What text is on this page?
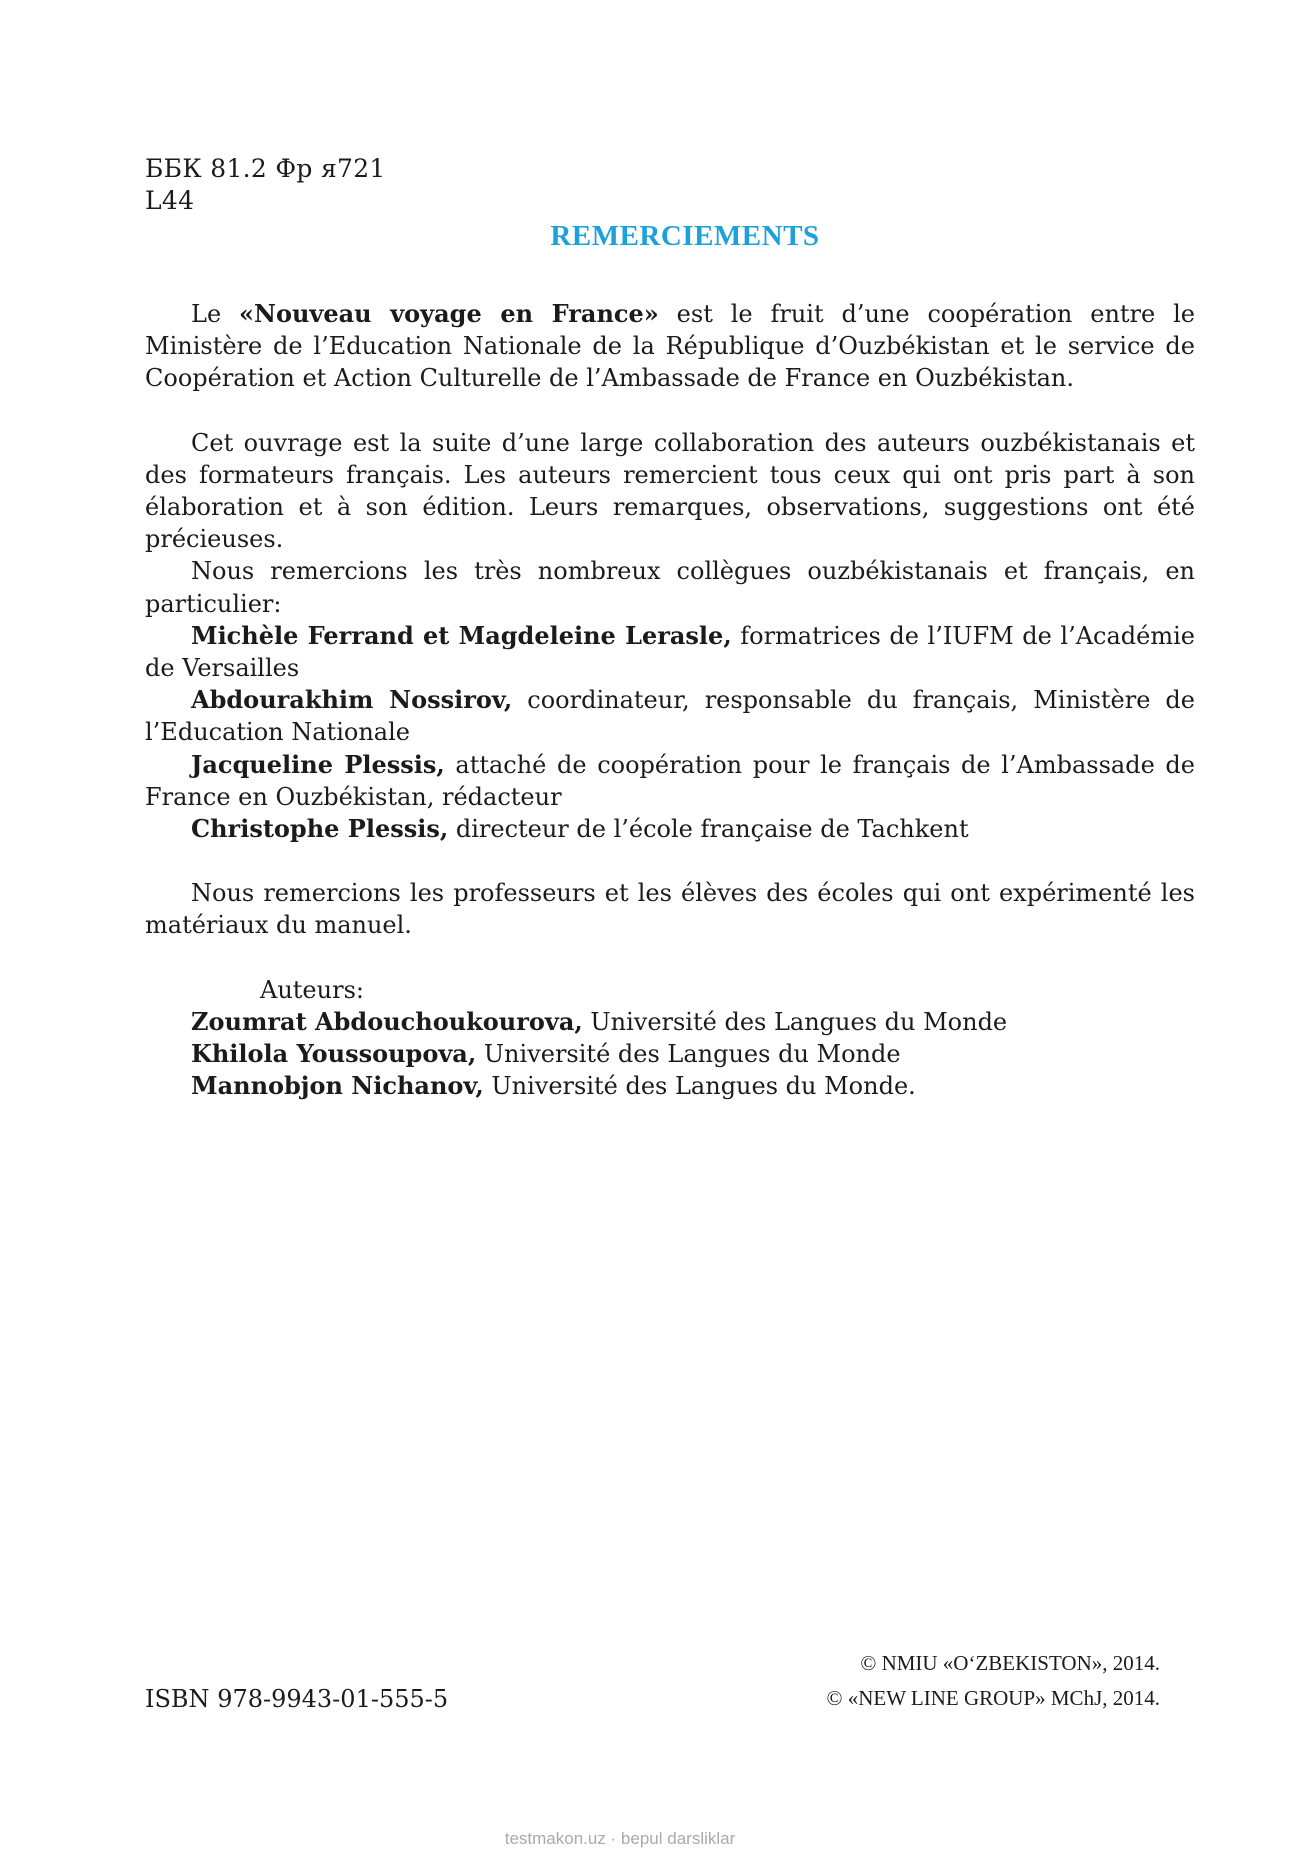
ББК 81.2 Фр я721
L44
REMERCIEMENTS

Le «Nouveau voyage en France» est le fruit d’une coopération entre le Ministère de l’Education Nationale de la République d’Ouzbékistan et le service de Coopération et Action Culturelle de l’Ambassade de France en Ouzbékistan.

Cet ouvrage est la suite d’une large collaboration des auteurs ouzbékistanais et des formateurs français. Les auteurs remercient tous ceux qui ont pris part à son élaboration et à son édition. Leurs remarques, observations, suggestions ont été précieuses.

Nous remercions les très nombreux collègues ouzbékistanais et français, en particulier:

Michèle Ferrand et Magdeleine Lerasle, formatrices de l’IUFM de l’Académie de Versailles

Abdourakhim Nossirov, coordinateur, responsable du français, Ministère de l’Education Nationale

Jacqueline Plessis, attaché de coopération pour le français de l’Ambassade de France en Ouzbékistan, rédacteur

Christophe Plessis, directeur de l’école française de Tachkent

Nous remercions les professeurs et les élèves des écoles qui ont expérimenté les matériaux du manuel.

Auteurs:

Zoumrat Abdouchoukourova, Université des Langues du Monde

Khilola Youssoupova, Université des Langues du Monde

Mannobjon Nichanov, Université des Langues du Monde.

© NMIU «O‘ZBEKISTON», 2014.
© «NEW LINE GROUP» MChJ, 2014.
ISBN 978-9943-01-555-5
testmakon.uz · bepul darsliklar
